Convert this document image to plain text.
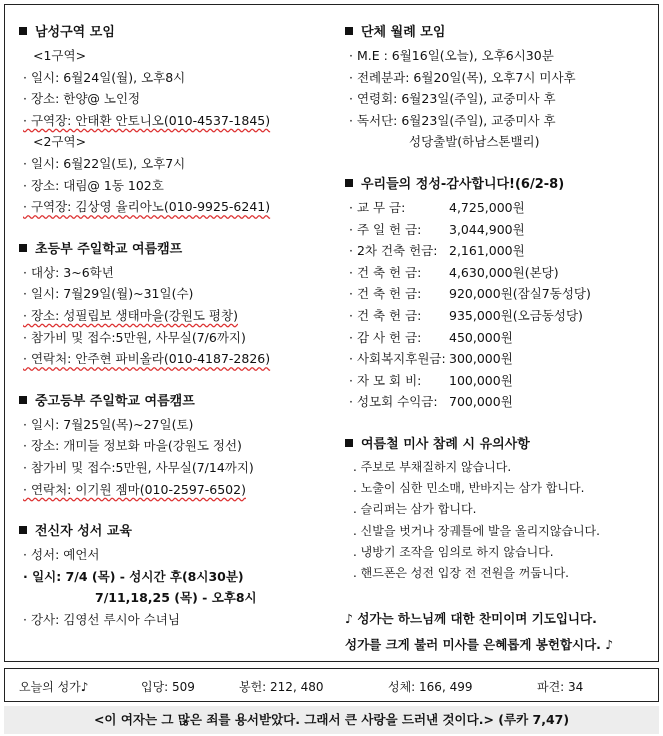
남성구역 모임
<1구역>
· 일시: 6월24일(월), 오후8시
· 장소: 한양@ 노인정
· 구역장: 안태환 안토니오(010-4537-1845)
<2구역>
· 일시: 6월22일(토), 오후7시
· 장소: 대림@ 1동 102호
· 구역장: 김상영 율리아노(010-9925-6241)
초등부 주일학교 여름캠프
· 대상: 3~6학년
· 일시: 7월29일(월)~31일(수)
· 장소: 성필립보 생태마을(강원도 평창)
· 참가비 및 접수:5만원, 사무실(7/6까지)
· 연락처: 안주현 파비올라(010-4187-2826)
중고등부 주일학교 여름캠프
· 일시: 7월25일(목)~27일(토)
· 장소: 개미들 정보화 마을(강원도 정선)
· 참가비 및 접수:5만원, 사무실(7/14까지)
· 연락처: 이기원 젬마(010-2597-6502)
전신자 성서 교육
· 성서: 예언서
· 일시: 7/4 (목) - 성시간 후(8시30분)
7/11,18,25 (목) - 오후8시
· 강사: 김영선 루시아 수녀님
단체 월례 모임
· M.E : 6월16일(오늘), 오후6시30분
· 전례분과: 6월20일(목), 오후7시 미사후
· 연령회: 6월23일(주일), 교중미사 후
· 독서단: 6월23일(주일), 교중미사 후
성당출발(하남스톤밸리)
우리들의 정성-감사합니다!(6/2-8)
· 교 무 금:	4,725,000원
· 주 일 헌 금: 3,044,900원
· 2차 건축 헌금: 2,161,000원
· 건 축 헌 금: 4,630,000원(본당)
· 건 축 헌 금: 920,000원(잠실7동성당)
· 건 축 헌 금: 935,000원(오금동성당)
· 감 사 헌 금: 450,000원
· 사회복지후원금: 300,000원
· 자 모 회 비: 100,000원
· 성모회 수익금: 700,000원
여름철 미사 참례 시 유의사항
. 주보로 부채질하지 않습니다.
. 노출이 심한 민소매, 반바지는 삼가 합니다.
. 슬리퍼는 삼가 합니다.
. 신발을 벗거나 장궤틀에 발을 올리지않습니다.
. 냉방기 조작을 임의로 하지 않습니다.
. 핸드폰은 성전 입장 전 전원을 꺼둡니다.
♪ 성가는 하느님께 대한 찬미이며 기도입니다.
성가를 크게 불러 미사를 은혜롭게 봉헌합시다. ♪
오늘의 성가♪	입당: 509	봉헌: 212, 480	성체: 166, 499	파견: 34
<이 여자는 그 많은 죄를 용서받았다. 그래서 큰 사랑을 드러낸 것이다.> (루카 7,47)
